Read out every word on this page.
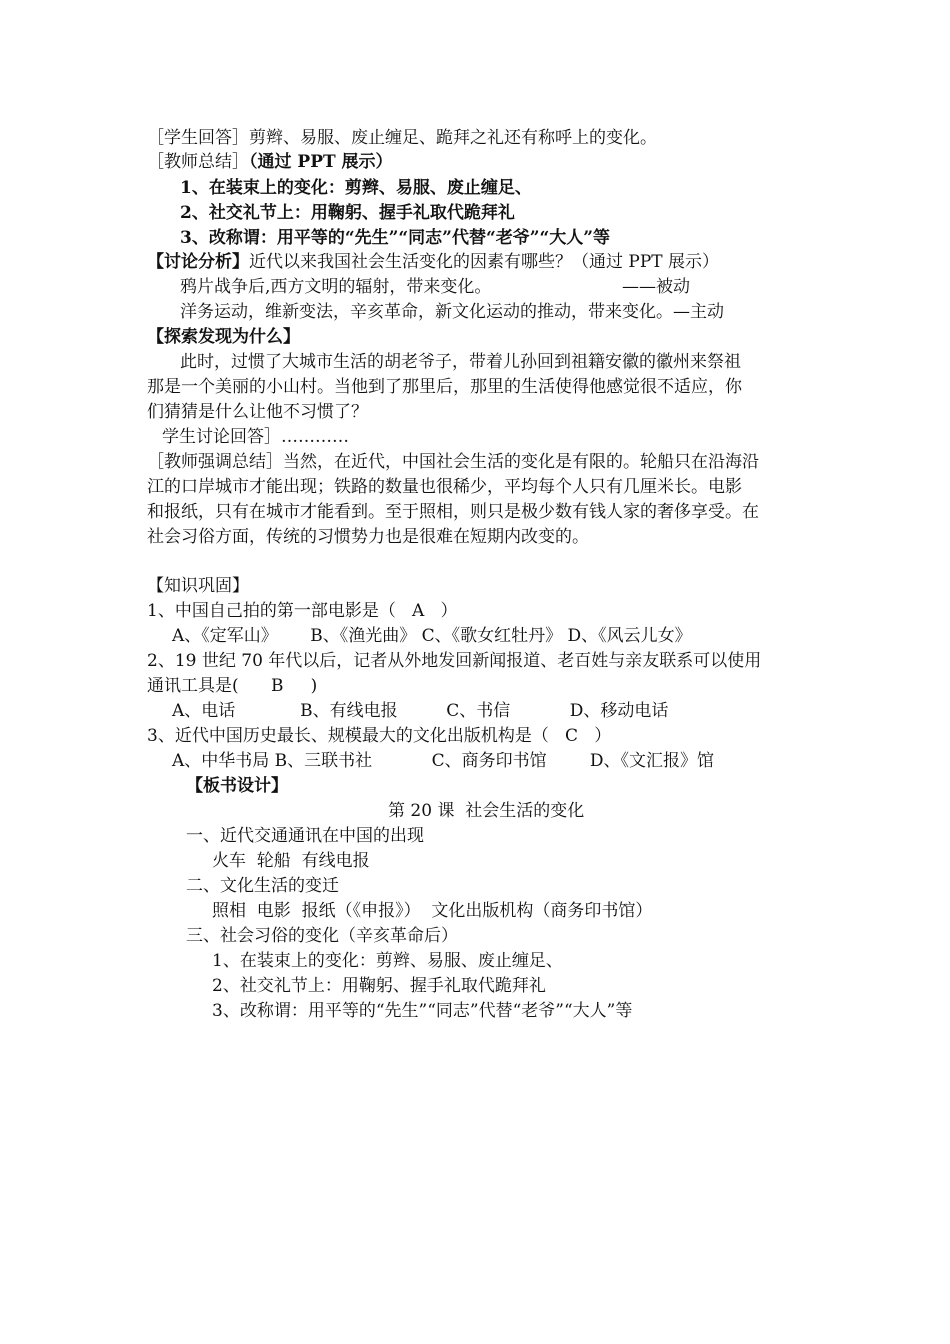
［学生回答］剪辫、易服、废止缠足、跪拜之礼还有称呼上的变化。
［教师总结］（通过 PPT 展示）
1、在装束上的变化：剪辫、易服、废止缠足、
2、社交礼节上：用鞠躬、握手礼取代跪拜礼
3、改称谓：用平等的“先生”“同志”代替“老爷”“大人”等
【讨论分析】近代以来我国社会生活变化的因素有哪些？（通过 PPT 展示）
鸦片战争后,西方文明的辐射，带来变化。	——被动
洋务运动，维新变法，辛亥革命，新文化运动的推动，带来变化。—主动
【探索发现为什么】
此时，过惯了大城市生活的胡老爷子，带着儿孙回到祖籍安徽的徽州来祭祖
那是一个美丽的小山村。当他到了那里后，那里的生活使得他感觉很不适应，你
们猜猜是什么让他不习惯了？
学生讨论回答］…………
［教师强调总结］当然，在近代，中国社会生活的变化是有限的。轮船只在沿海沿
江的口岸城市才能出现；铁路的数量也很稀少，平均每个人只有几厘米长。电影
和报纸，只有在城市才能看到。至于照相，则只是极少数有钱人家的奢侈享受。在
社会习俗方面，传统的习惯势力也是很难在短期内改变的。
【知识巩固】
1、中国自己拍的第一部电影是（   A   ）
A、《定军山》      B、《渔光曲》 C、《歌女红牡丹》 D、《风云儿女》
2、19 世纪 70 年代以后，记者从外地发回新闻报道、老百姓与亲友联系可以使用
通讯工具是(      B     )
A、电话            B、有线电报         C、书信           D、移动电话
3、近代中国历史最长、规模最大的文化出版机构是（   C   ）
A、中华书局 B、三联书社           C、商务印书馆        D、《文汇报》馆
【板书设计】
第 20 课  社会生活的变化
一、近代交通通讯在中国的出现
火车  轮船  有线电报
二、文化生活的变迁
照相  电影  报纸（《申报》）  文化出版机构（商务印书馆）
三、社会习俗的变化（辛亥革命后）
1、在装束上的变化：剪辫、易服、废止缠足、
2、社交礼节上：用鞠躬、握手礼取代跪拜礼
3、改称谓：用平等的“先生”“同志”代替“老爷”“大人”等
